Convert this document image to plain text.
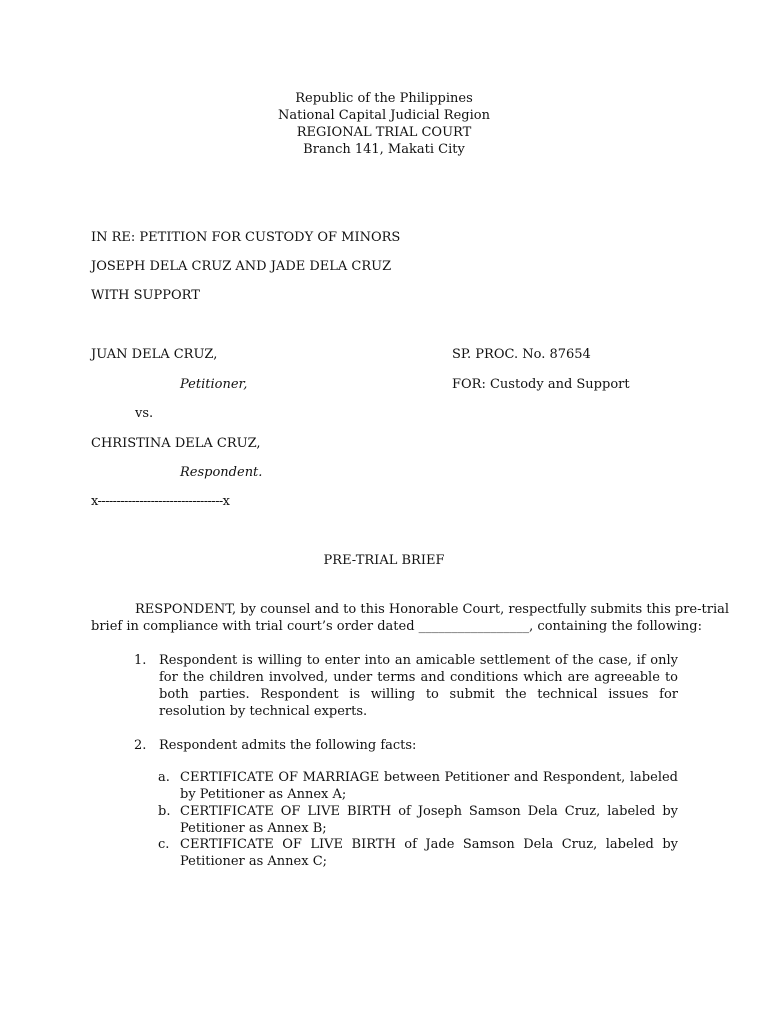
Republic of the Philippines
National Capital Judicial Region
REGIONAL TRIAL COURT
Branch 141, Makati City
IN RE: PETITION FOR CUSTODY OF MINORS
JOSEPH DELA CRUZ AND JADE DELA CRUZ
WITH SUPPORT
JUAN DELA CRUZ,
Petitioner,
vs.
CHRISTINA DELA CRUZ,
Respondent.
x---------------------------------x
SP. PROC. No. 87654
FOR: Custody and Support
PRE-TRIAL BRIEF
RESPONDENT, by counsel and to this Honorable Court, respectfully submits this pre-trial
brief in compliance with trial court’s order dated _________________, containing the following:
1. Respondent is willing to enter into an amicable settlement of the case, if only for the children involved, under terms and conditions which are agreeable to both parties. Respondent is willing to submit the technical issues for resolution by technical experts.
2. Respondent admits the following facts:
a. CERTIFICATE OF MARRIAGE between Petitioner and Respondent, labeled by Petitioner as Annex A;
b. CERTIFICATE OF LIVE BIRTH of Joseph Samson Dela Cruz, labeled by Petitioner as Annex B;
c. CERTIFICATE OF LIVE BIRTH of Jade Samson Dela Cruz, labeled by Petitioner as Annex C;
